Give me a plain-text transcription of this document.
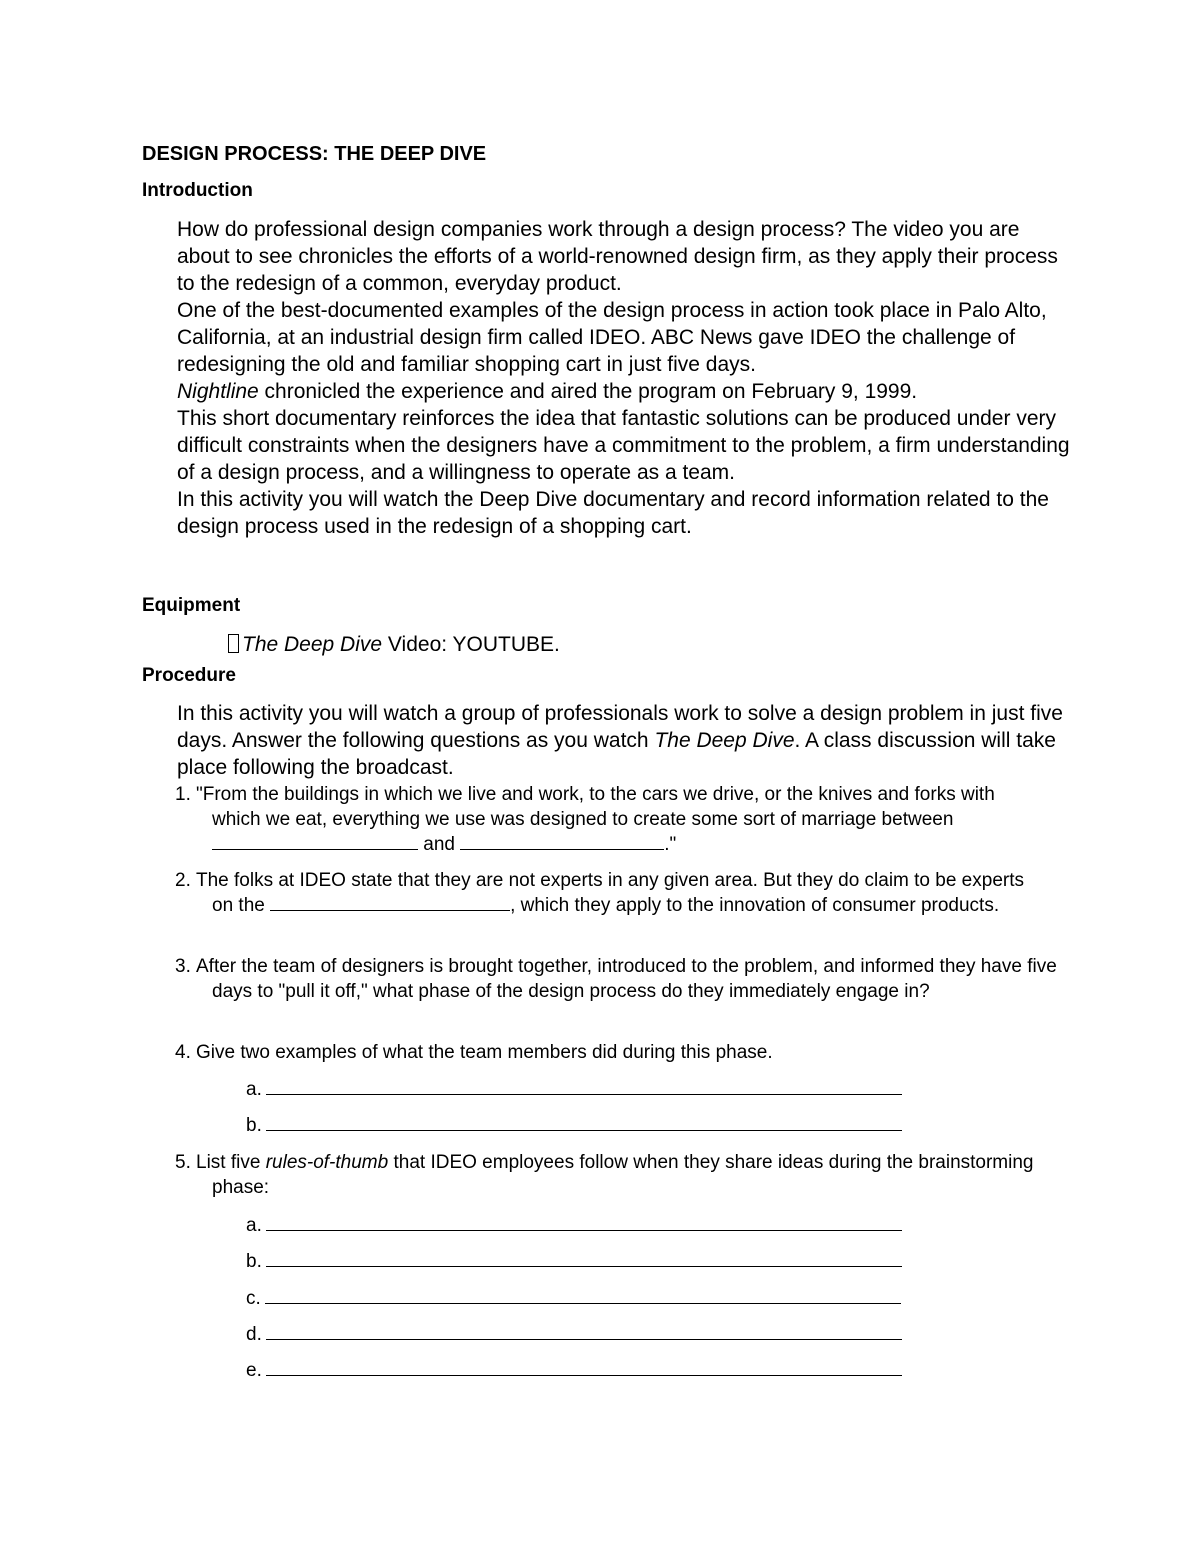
DESIGN PROCESS: THE DEEP DIVE
Introduction

How do professional design companies work through a design process? The video you are about to see chronicles the efforts of a world-renowned design firm, as they apply their process to the redesign of a common, everyday product.

One of the best-documented examples of the design process in action took place in Palo Alto, California, at an industrial design firm called IDEO. ABC News gave IDEO the challenge of redesigning the old and familiar shopping cart in just five days.

Nightline chronicled the experience and aired the program on February 9, 1999.

This short documentary reinforces the idea that fantastic solutions can be produced under very difficult constraints when the designers have a commitment to the problem, a firm understanding of a design process, and a willingness to operate as a team.

In this activity you will watch the Deep Dive documentary and record information related to the design process used in the redesign of a shopping cart.

Equipment
The Deep Dive Video: YOUTUBE.
Procedure

In this activity you will watch a group of professionals work to solve a design problem in just five days. Answer the following questions as you watch The Deep Dive. A class discussion will take place following the broadcast.

1. "From the buildings in which we live and work, to the cars we drive, or the knives and forks with which we eat, everything we use was designed to create some sort of marriage between  and	."
2. The folks at IDEO state that they are not experts in any given area. But they do claim to be experts on the	, which they apply to the innovation of consumer products.
3. After the team of designers is brought together, introduced to the problem, and informed they have five days to "pull it off," what phase of the design process do they immediately engage in?
4. Give two examples of what the team members did during this phase.
a.
b.
5. List five rules-of-thumb that IDEO employees follow when they share ideas during the brainstorming phase:
a.
b.
c.
d.
e.
